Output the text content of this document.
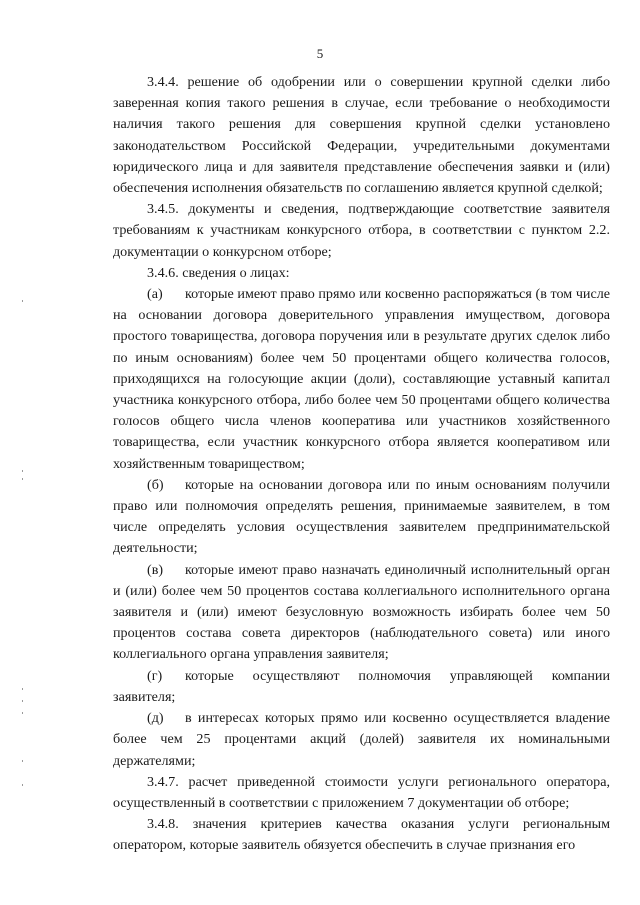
5

3.4.4. решение об одобрении или о совершении крупной сделки либо заверенная копия такого решения в случае, если требование о необходимости наличия такого решения для совершения крупной сделки установлено законодательством Российской Федерации, учредительными документами юридического лица и для заявителя представление обеспечения заявки и (или) обеспечения исполнения обязательств по соглашению является крупной сделкой;

3.4.5. документы и сведения, подтверждающие соответствие заявителя требованиям к участникам конкурсного отбора, в соответствии с пунктом 2.2. документации о конкурсном отборе;

3.4.6. сведения о лицах:

(а) которые имеют право прямо или косвенно распоряжаться (в том числе на основании договора доверительного управления имуществом, договора простого товарищества, договора поручения или в результате других сделок либо по иным основаниям) более чем 50 процентами общего количества голосов, приходящихся на голосующие акции (доли), составляющие уставный капитал участника конкурсного отбора, либо более чем 50 процентами общего количества голосов общего числа членов кооператива или участников хозяйственного товарищества, если участник конкурсного отбора является кооперативом или хозяйственным товариществом;

(б) которые на основании договора или по иным основаниям получили право или полномочия определять решения, принимаемые заявителем, в том числе определять условия осуществления заявителем предпринимательской деятельности;

(в) которые имеют право назначать единоличный исполнительный орган и (или) более чем 50 процентов состава коллегиального исполнительного органа заявителя и (или) имеют безусловную возможность избирать более чем 50 процентов состава совета директоров (наблюдательного совета) или иного коллегиального органа управления заявителя;

(г) которые осуществляют полномочия управляющей компании заявителя;

(д) в интересах которых прямо или косвенно осуществляется владение более чем 25 процентами акций (долей) заявителя их номинальными держателями;

3.4.7. расчет приведенной стоимости услуги регионального оператора, осуществленный в соответствии с приложением 7 документации об отборе;

3.4.8. значения критериев качества оказания услуги региональным оператором, которые заявитель обязуется обеспечить в случае признания его
